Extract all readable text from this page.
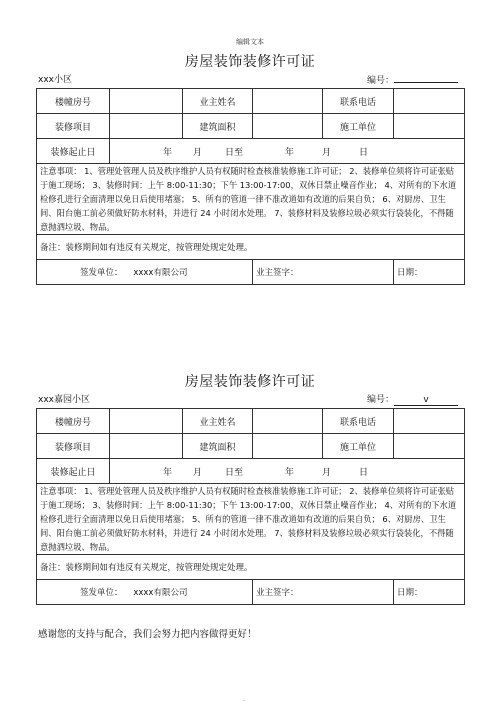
编辑文本
房屋装饰装修许可证
xxx小区	编号：
楼幢房号		业主姓名		联系电话	
装修项目		建筑面积		施工单位	
装修起止日	年 月 日至 年 月 日				
注意事项： 1、管理处管理人员及秩序维护人员有权随时检查核准装修施工许可证； 2、装修单位须将许可证张贴于施工现场； 3、装修时间：上午 8:00-11:30；下午 13:00-17:00，双休日禁止噪音作业； 4、对所有的下水道检修孔进行全面清理以免日后使用堵塞； 5、所有的管道一律不准改道如有改道的后果自负； 6、对厨房、卫生间、阳台施工前必须做好防水材料，并进行 24 小时闭水处理。 7、装修材料及装修垃圾必须实行袋装化，不得随意抛洒垃圾、物品。					
备注：装修期间如有违反有关规定，按管理处规定处理。					
签发单位： xxxx有限公司			业主签字：		日期：
房屋装饰装修许可证
xxx嘉园小区	编号：	v
楼幢房号		业主姓名		联系电话	
装修项目		建筑面积		施工单位	
装修起止日	年 月 日至 年 月 日				
注意事项： 1、管理处管理人员及秩序维护人员有权随时检查核准装修施工许可证； 2、装修单位须将许可证张贴于施工现场； 3、装修时间：上午 8:00-11:30；下午 13:00-17:00，双休日禁止噪音作业； 4、对所有的下水道检修孔进行全面清理以免日后使用堵塞； 5、所有的管道一律不准改道如有改道的后果自负； 6、对厨房、卫生间、阳台施工前必须做好防水材料，并进行 24 小时闭水处理。 7、装修材料及装修垃圾必须实行袋装化，不得随意抛洒垃圾、物品。					
备注：装修期间如有违反有关规定，按管理处规定处理。					
签发单位： xxxx有限公司			业主签字：		日期：
感谢您的支持与配合，我们会努力把内容做得更好！
.
